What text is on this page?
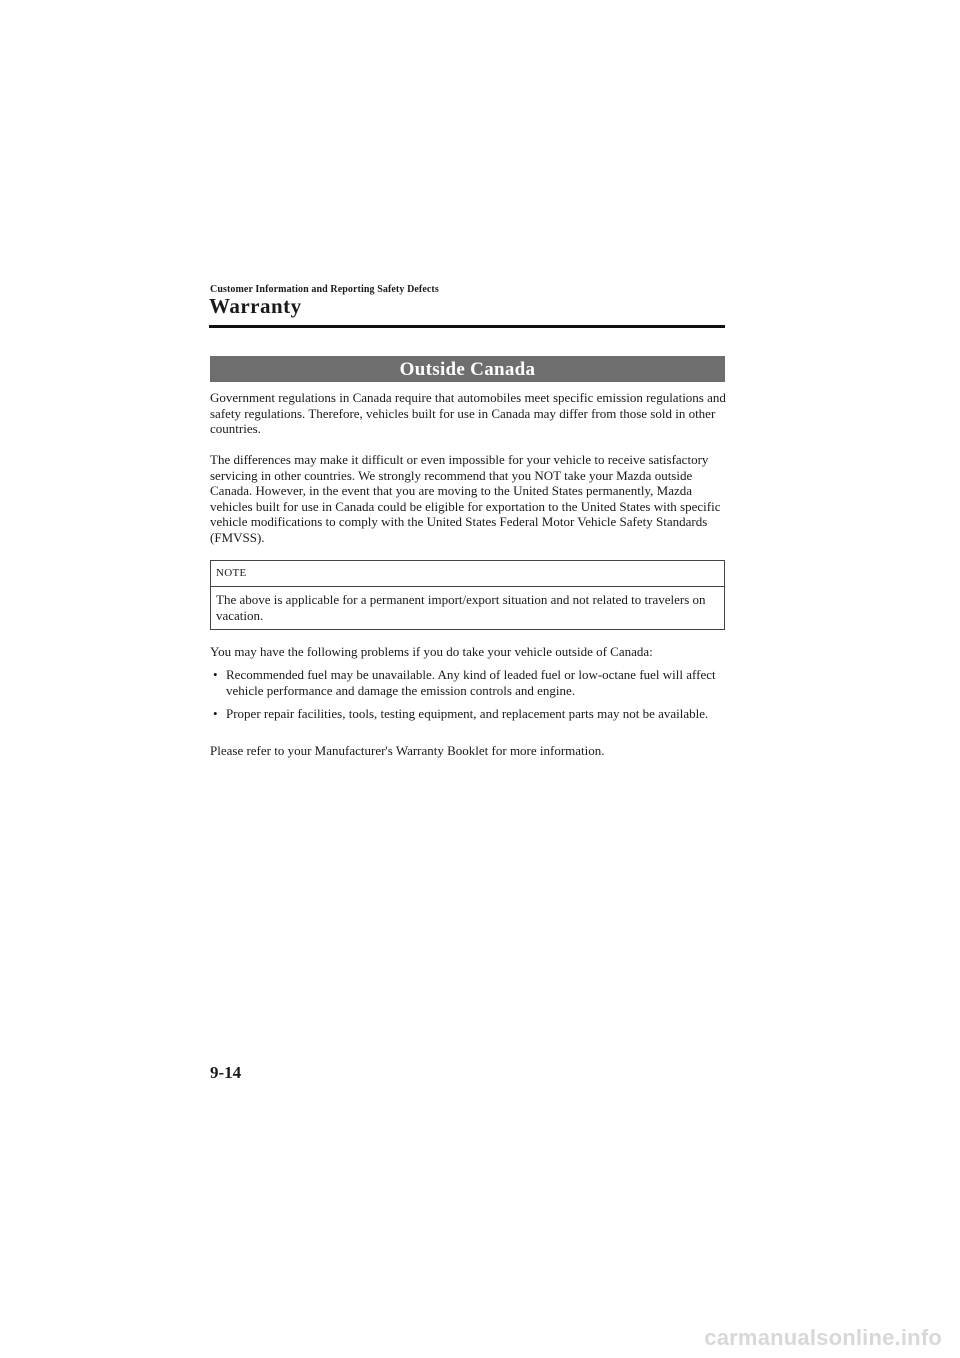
Customer Information and Reporting Safety Defects
Warranty
Outside Canada

Government regulations in Canada require that automobiles meet specific emission regulations and safety regulations. Therefore, vehicles built for use in Canada may differ from those sold in other countries.

The differences may make it difficult or even impossible for your vehicle to receive satisfactory servicing in other countries. We strongly recommend that you NOT take your Mazda outside Canada. However, in the event that you are moving to the United States permanently, Mazda vehicles built for use in Canada could be eligible for exportation to the United States with specific vehicle modifications to comply with the United States Federal Motor Vehicle Safety Standards (FMVSS).

NOTE
The above is applicable for a permanent import/export situation and not related to travelers on vacation.

You may have the following problems if you do take your vehicle outside of Canada:

• Recommended fuel may be unavailable. Any kind of leaded fuel or low-octane fuel will affect vehicle performance and damage the emission controls and engine.
• Proper repair facilities, tools, testing equipment, and replacement parts may not be available.

Please refer to your Manufacturer's Warranty Booklet for more information.

9-14
carmanualsonline.info
